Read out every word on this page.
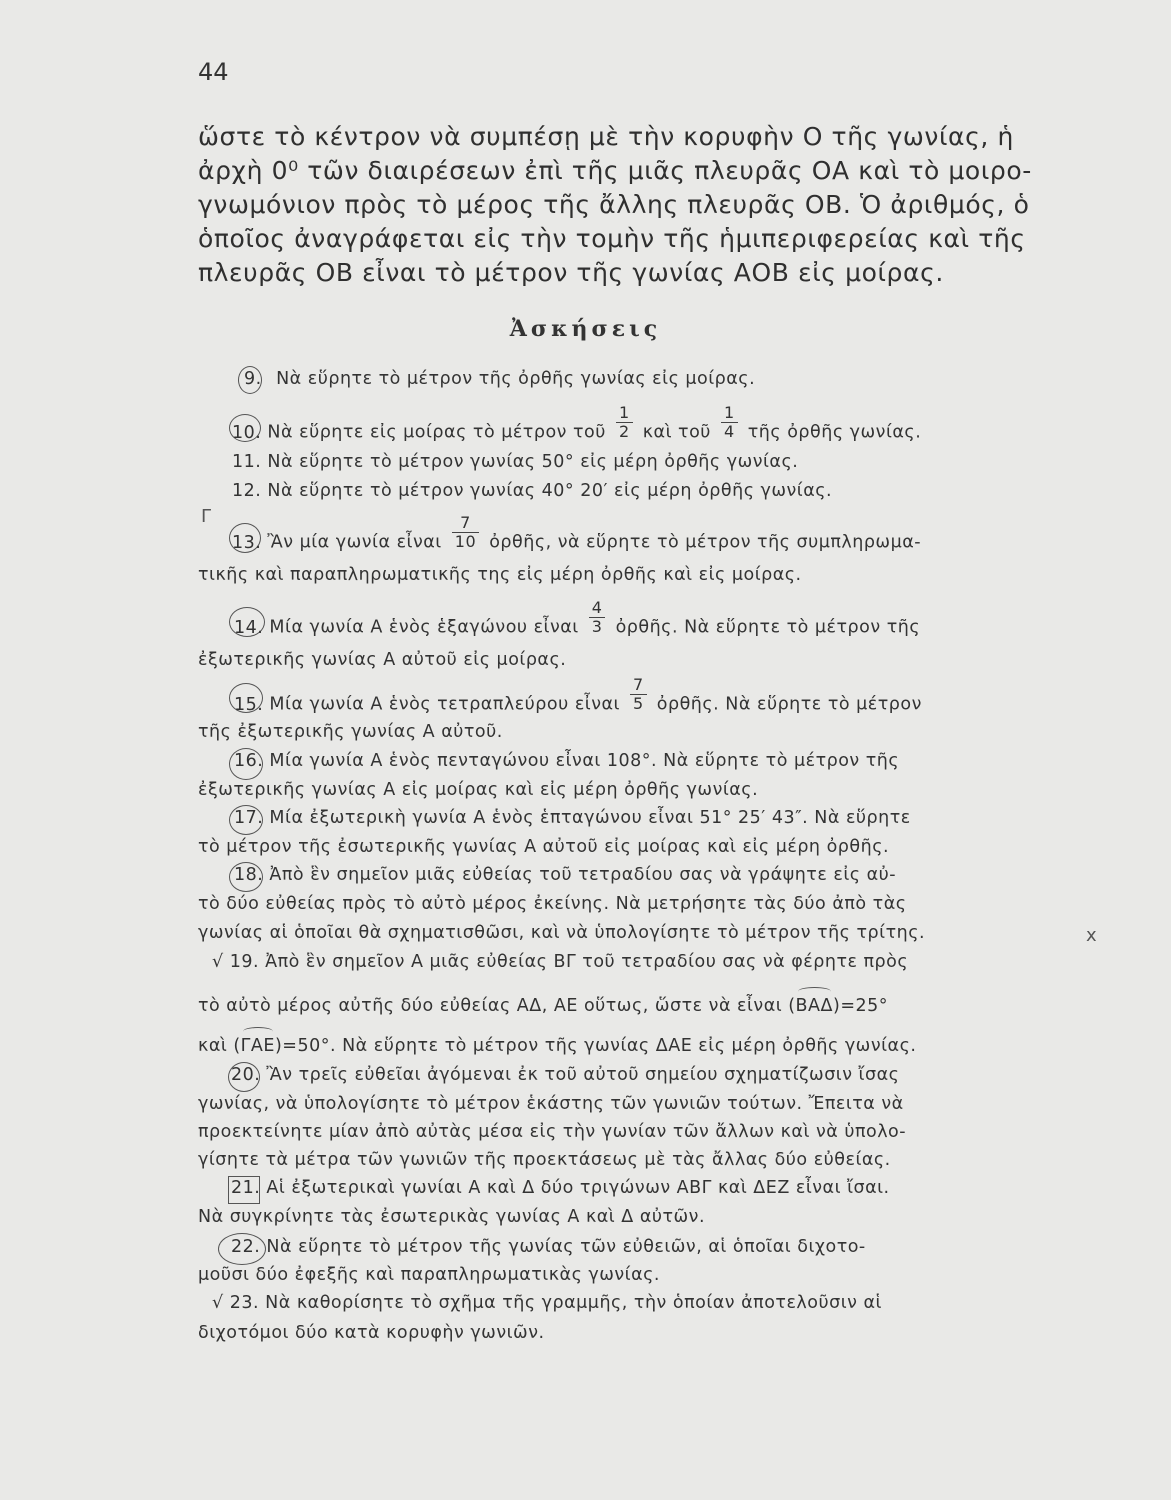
44
ὥστε τὸ κέντρον νὰ συμπέσῃ μὲ τὴν κορυφὴν Ο τῆς γωνίας, ἡ
ἀρχὴ 0⁰ τῶν διαιρέσεων ἐπὶ τῆς μιᾶς πλευρᾶς ΟΑ καὶ τὸ μοιρο-
γνωμόνιον πρὸς τὸ μέρος τῆς ἄλλης πλευρᾶς ΟΒ. Ὁ ἀριθμός, ὁ
ὁποῖος ἀναγράφεται εἰς τὴν τομὴν τῆς ἡμιπεριφερείας καὶ τῆς
πλευρᾶς ΟΒ εἶναι τὸ μέτρον τῆς γωνίας ΑΟΒ εἰς μοίρας.
Ἀσκήσεις
9. Νὰ εὕρητε τὸ μέτρον τῆς ὀρθῆς γωνίας εἰς μοίρας.
10. Νὰ εὕρητε εἰς μοίρας τὸ μέτρον τοῦ $\frac{1}{2}$ καὶ τοῦ $\frac{1}{4}$ τῆς ὀρθῆς γωνίας.
11. Νὰ εὕρητε τὸ μέτρον γωνίας 50° εἰς μέρη ὀρθῆς γωνίας.
12. Νὰ εὕρητε τὸ μέτρον γωνίας 40° 20′ εἰς μέρη ὀρθῆς γωνίας.
Γ
13. Ἂν μία γωνία εἶναι $\frac{7}{10}$ ὀρθῆς, νὰ εὕρητε τὸ μέτρον τῆς συμπληρωμα-
τικῆς καὶ παραπληρωματικῆς της εἰς μέρη ὀρθῆς καὶ εἰς μοίρας.
14. Μία γωνία Α ἑνὸς ἑξαγώνου εἶναι $\frac{4}{3}$ ὀρθῆς. Νὰ εὕρητε τὸ μέτρον τῆς
ἐξωτερικῆς γωνίας Α αὐτοῦ εἰς μοίρας.
15. Μία γωνία Α ἑνὸς τετραπλεύρου εἶναι $\frac{7}{5}$ ὀρθῆς. Νὰ εὕρητε τὸ μέτρον
τῆς ἐξωτερικῆς γωνίας Α αὐτοῦ.
16. Μία γωνία Α ἑνὸς πενταγώνου εἶναι 108°. Νὰ εὕρητε τὸ μέτρον τῆς
ἐξωτερικῆς γωνίας Α εἰς μοίρας καὶ εἰς μέρη ὀρθῆς γωνίας.
17. Μία ἐξωτερικὴ γωνία Α ἑνὸς ἑπταγώνου εἶναι 51° 25′ 43″. Νὰ εὕρητε
τὸ μέτρον τῆς ἐσωτερικῆς γωνίας Α αὐτοῦ εἰς μοίρας καὶ εἰς μέρη ὀρθῆς.
18. Ἀπὸ ἓν σημεῖον μιᾶς εὐθείας τοῦ τετραδίου σας νὰ γράψητε εἰς αὐ-
τὸ δύο εὐθείας πρὸς τὸ αὐτὸ μέρος ἐκείνης. Νὰ μετρήσητε τὰς δύο ἀπὸ τὰς
γωνίας αἱ ὁποῖαι θὰ σχηματισθῶσι, καὶ νὰ ὑπολογίσητε τὸ μέτρον τῆς τρίτης.	x
√ 19. Ἀπὸ ἓν σημεῖον Α μιᾶς εὐθείας ΒΓ τοῦ τετραδίου σας νὰ φέρητε πρὸς
τὸ αὐτὸ μέρος αὐτῆς δύο εὐθείας ΑΔ, ΑΕ οὕτως, ὥστε νὰ εἶναι (ΒΑΔ)=25°
καὶ (ΓΑΕ)=50°. Νὰ εὕρητε τὸ μέτρον τῆς γωνίας ΔΑΕ εἰς μέρη ὀρθῆς γωνίας.
20. Ἂν τρεῖς εὐθεῖαι ἀγόμεναι ἐκ τοῦ αὐτοῦ σημείου σχηματίζωσιν ἴσας
γωνίας, νὰ ὑπολογίσητε τὸ μέτρον ἑκάστης τῶν γωνιῶν τούτων. Ἔπειτα νὰ
προεκτείνητε μίαν ἀπὸ αὐτὰς μέσα εἰς τὴν γωνίαν τῶν ἄλλων καὶ νὰ ὑπολο-
γίσητε τὰ μέτρα τῶν γωνιῶν τῆς προεκτάσεως μὲ τὰς ἄλλας δύο εὐθείας.
21. Αἱ ἐξωτερικαὶ γωνίαι Α καὶ Δ δύο τριγώνων ΑΒΓ καὶ ΔΕΖ εἶναι ἴσαι.
Νὰ συγκρίνητε τὰς ἐσωτερικὰς γωνίας Α καὶ Δ αὐτῶν.
22. Νὰ εὕρητε τὸ μέτρον τῆς γωνίας τῶν εὐθειῶν, αἱ ὁποῖαι διχοτο-
μοῦσι δύο ἐφεξῆς καὶ παραπληρωματικὰς γωνίας.
√ 23. Νὰ καθορίσητε τὸ σχῆμα τῆς γραμμῆς, τὴν ὁποίαν ἀποτελοῦσιν αἱ
διχοτόμοι δύο κατὰ κορυφὴν γωνιῶν.
